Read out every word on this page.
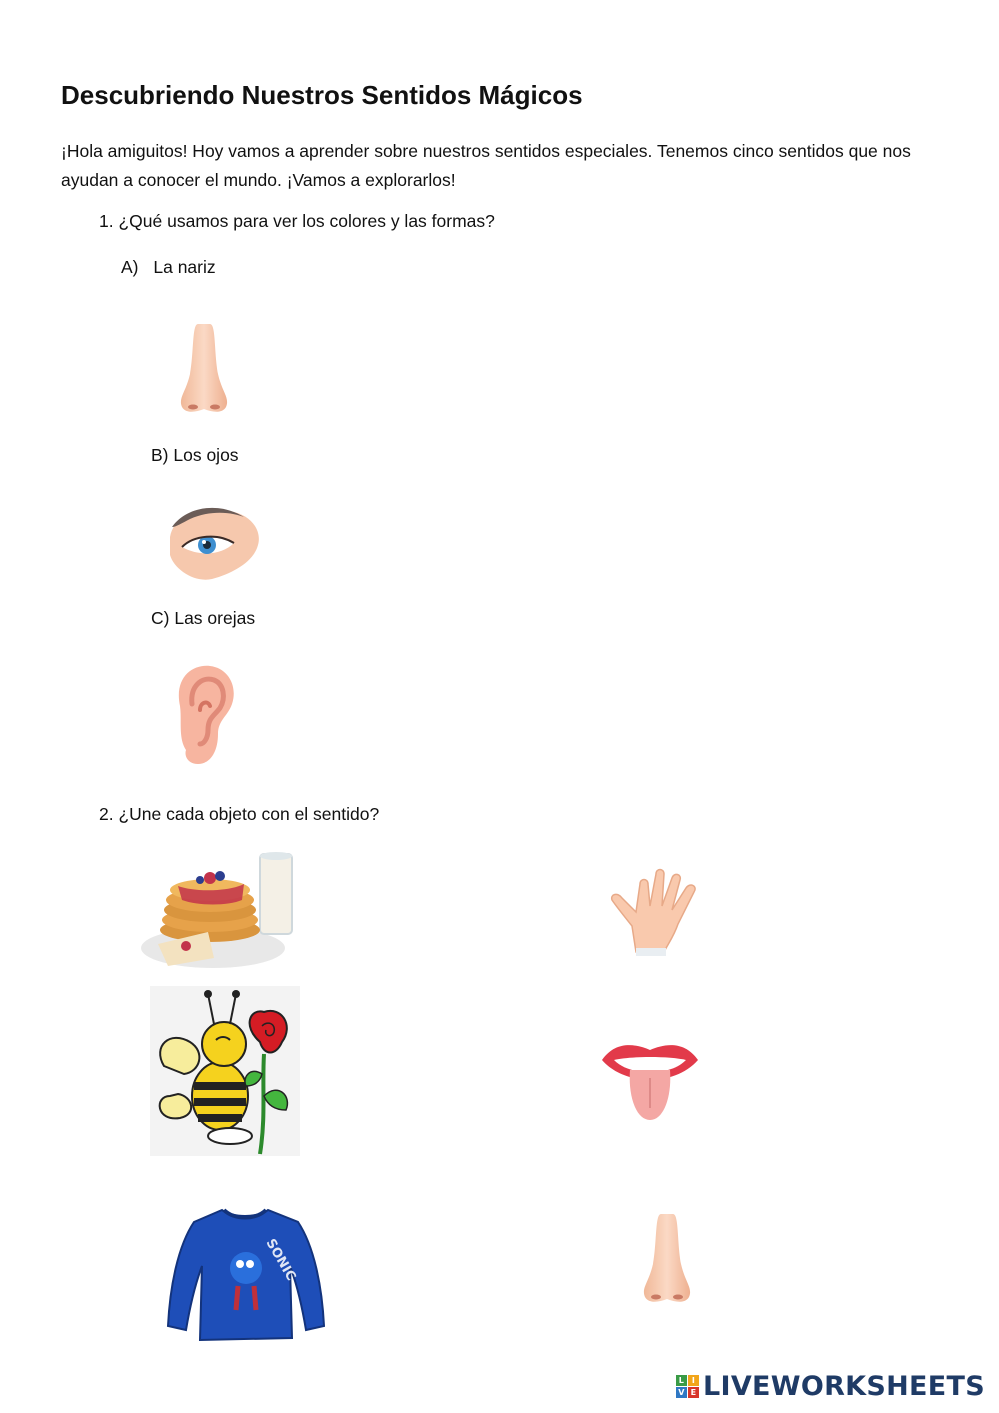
Descubriendo Nuestros Sentidos Mágicos
¡Hola amiguitos! Hoy vamos a aprender sobre nuestros sentidos especiales. Tenemos cinco sentidos que nos ayudan a conocer el mundo. ¡Vamos a explorarlos!
1. ¿Qué usamos para ver los colores y las formas?
A) La nariz
B) Los ojos
C) Las orejas
2. ¿Une cada objeto con el sentido?
SONIC
L I
V E LIVEWORKSHEETS
